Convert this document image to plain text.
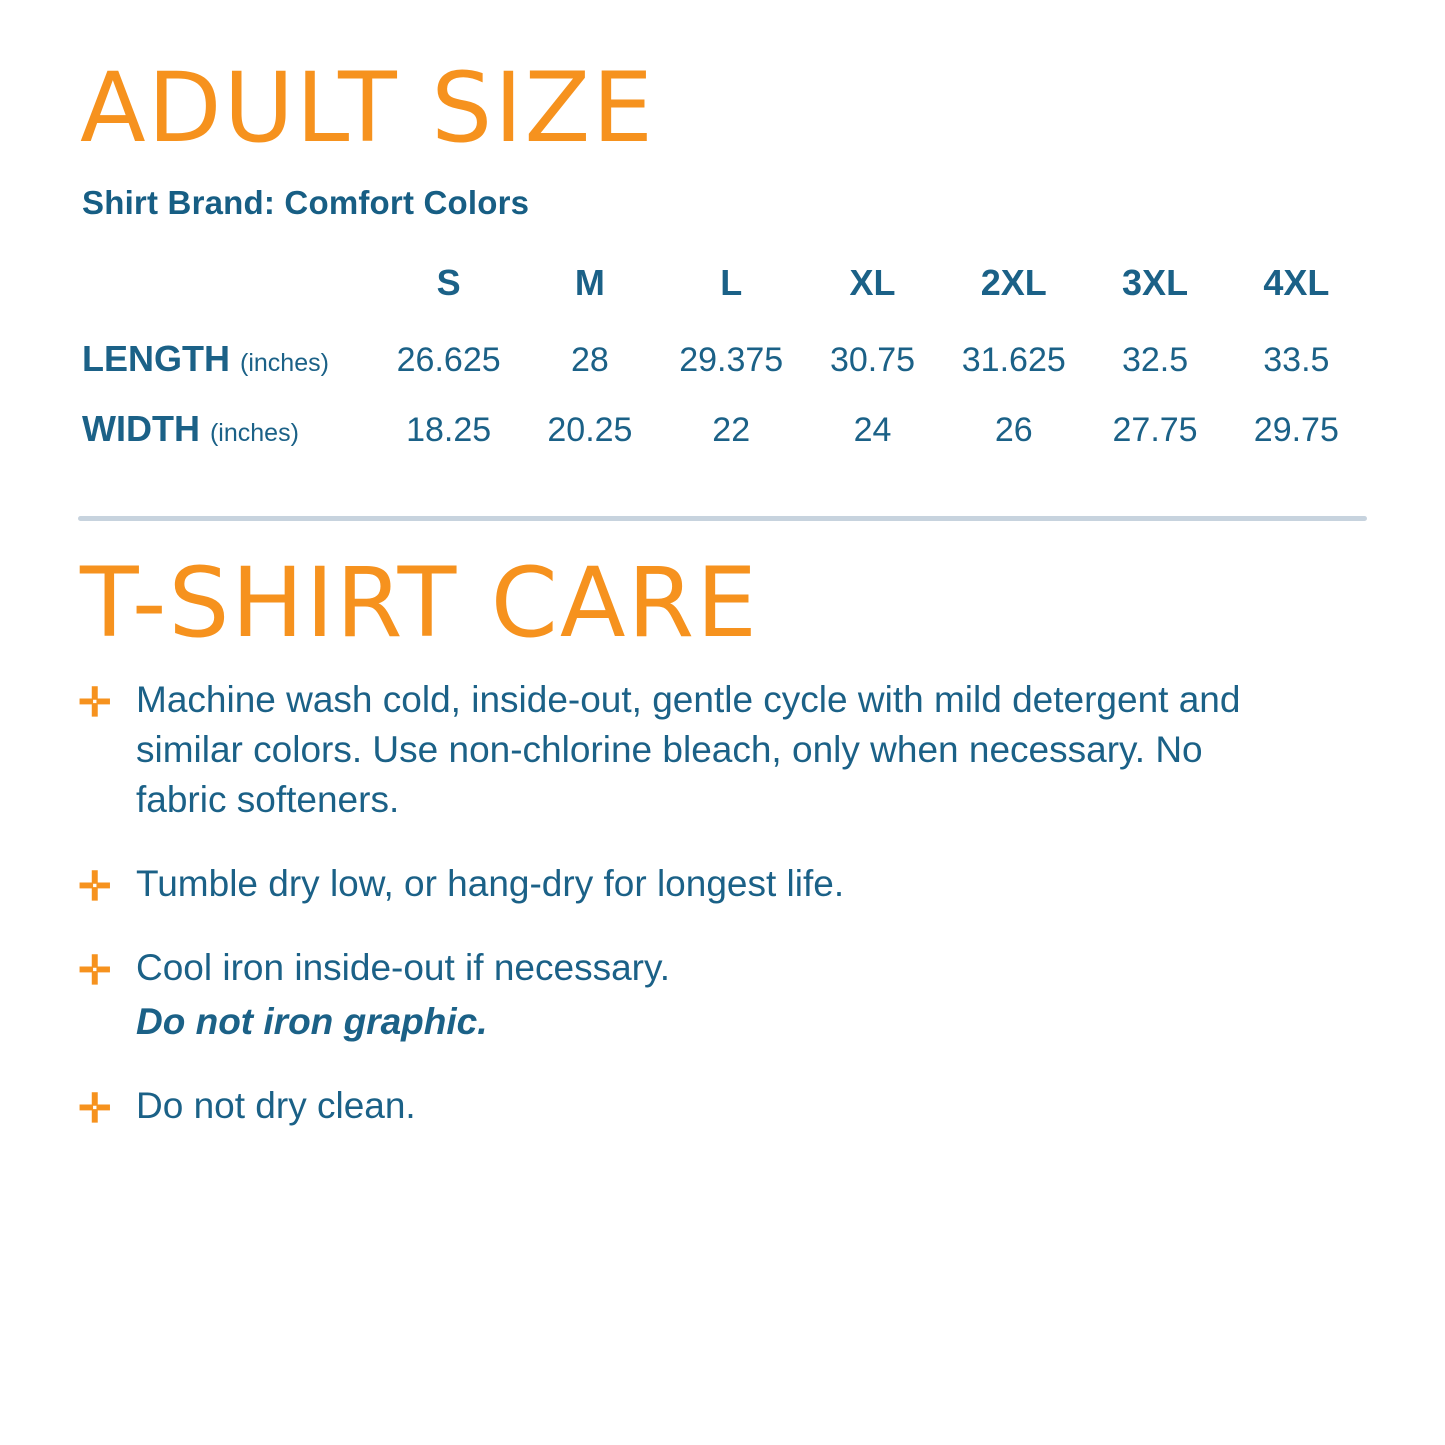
ADULT SIZE
Shirt Brand: Comfort Colors
	S	M	L	XL	2XL	3XL	4XL
LENGTH (inches)	26.625	28	29.375	30.75	31.625	32.5	33.5
WIDTH (inches)	18.25	20.25	22	24	26	27.75	29.75
T-SHIRT CARE
✛ Machine wash cold, inside-out, gentle cycle with mild detergent and similar colors. Use non-chlorine bleach, only when necessary. No fabric softeners.
✛ Tumble dry low, or hang-dry for longest life.
✛ Cool iron inside-out if necessary.
Do not iron graphic.
✛ Do not dry clean.
